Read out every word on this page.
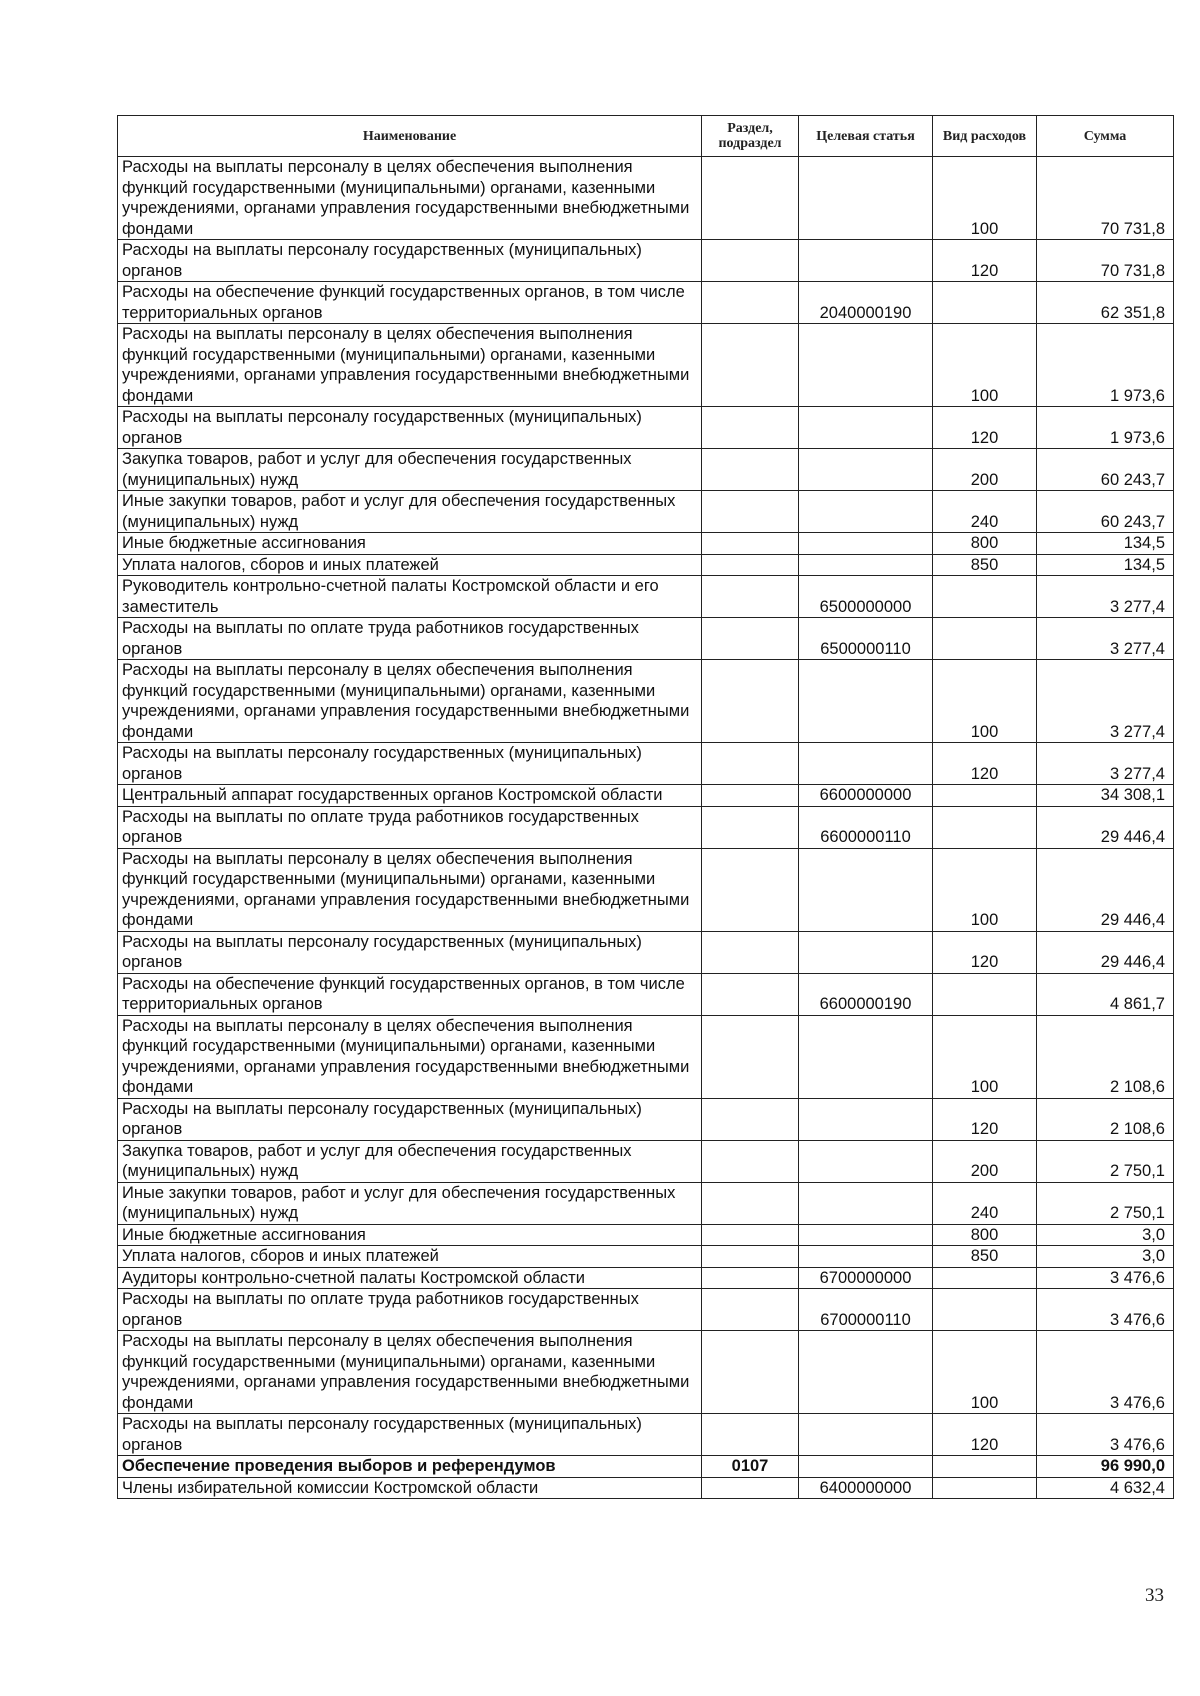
Наименование	Раздел, подраздел	Целевая статья	Вид расходов	Сумма
Расходы на выплаты персоналу в целях обеспечения выполнения функций государственными (муниципальными) органами, казенными учреждениями, органами управления государственными внебюджетными фондами			100	70 731,8
Расходы на выплаты персоналу государственных (муниципальных) органов			120	70 731,8
Расходы на обеспечение функций государственных органов, в том числе территориальных органов		2040000190		62 351,8
Расходы на выплаты персоналу в целях обеспечения выполнения функций государственными (муниципальными) органами, казенными учреждениями, органами управления государственными внебюджетными фондами			100	1 973,6
Расходы на выплаты персоналу государственных (муниципальных) органов			120	1 973,6
Закупка товаров, работ и услуг для обеспечения государственных (муниципальных) нужд			200	60 243,7
Иные закупки товаров, работ и услуг для обеспечения государственных (муниципальных) нужд			240	60 243,7
Иные бюджетные ассигнования			800	134,5
Уплата налогов, сборов и иных платежей			850	134,5
Руководитель контрольно-счетной палаты Костромской области и его заместитель		6500000000		3 277,4
Расходы на выплаты по оплате труда работников государственных органов		6500000110		3 277,4
Расходы на выплаты персоналу в целях обеспечения выполнения функций государственными (муниципальными) органами, казенными учреждениями, органами управления государственными внебюджетными фондами			100	3 277,4
Расходы на выплаты персоналу государственных (муниципальных) органов			120	3 277,4
Центральный аппарат государственных органов Костромской области		6600000000		34 308,1
Расходы на выплаты по оплате труда работников государственных органов		6600000110		29 446,4
Расходы на выплаты персоналу в целях обеспечения выполнения функций государственными (муниципальными) органами, казенными учреждениями, органами управления государственными внебюджетными фондами			100	29 446,4
Расходы на выплаты персоналу государственных (муниципальных) органов			120	29 446,4
Расходы на обеспечение функций государственных органов, в том числе территориальных органов		6600000190		4 861,7
Расходы на выплаты персоналу в целях обеспечения выполнения функций государственными (муниципальными) органами, казенными учреждениями, органами управления государственными внебюджетными фондами			100	2 108,6
Расходы на выплаты персоналу государственных (муниципальных) органов			120	2 108,6
Закупка товаров, работ и услуг для обеспечения государственных (муниципальных) нужд			200	2 750,1
Иные закупки товаров, работ и услуг для обеспечения государственных (муниципальных) нужд			240	2 750,1
Иные бюджетные ассигнования			800	3,0
Уплата налогов, сборов и иных платежей			850	3,0
Аудиторы контрольно-счетной палаты Костромской области		6700000000		3 476,6
Расходы на выплаты по оплате труда работников государственных органов		6700000110		3 476,6
Расходы на выплаты персоналу в целях обеспечения выполнения функций государственными (муниципальными) органами, казенными учреждениями, органами управления государственными внебюджетными фондами			100	3 476,6
Расходы на выплаты персоналу государственных (муниципальных) органов			120	3 476,6
Обеспечение проведения выборов и референдумов	0107			96 990,0
Члены избирательной комиссии Костромской области		6400000000		4 632,4
33
